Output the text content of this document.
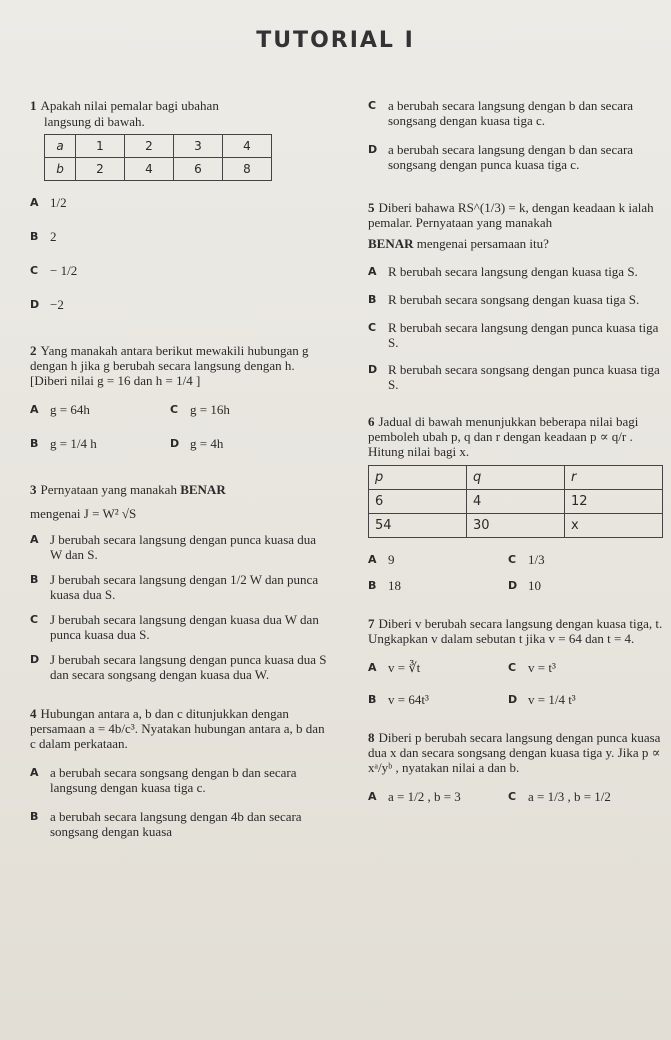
TUTORIAL I
1 Apakah nilai pemalar bagi ubahan
langsung di bawah.
a	1	2	3	4
b	2	4	6	8
A 1/2
B 2
C − 1/2
D −2
2 Yang manakah antara berikut mewakili hubungan g dengan h jika g berubah secara langsung dengan h. [Diberi nilai g = 16 dan h = 1/4 ]
A g = 64h	C g = 16h
B g = 1/4 h	D g = 4h
3 Pernyataan yang manakah BENAR
mengenai J = W² √S
A J berubah secara langsung dengan punca kuasa dua W dan S.
B J berubah secara langsung dengan 1/2 W dan punca kuasa dua S.
C J berubah secara langsung dengan kuasa dua W dan punca kuasa dua S.
D J berubah secara langsung dengan punca kuasa dua S dan secara songsang dengan kuasa dua W.
4 Hubungan antara a, b dan c ditunjukkan dengan persamaan a = 4b/c³. Nyatakan hubungan antara a, b dan c dalam perkataan.
A a berubah secara songsang dengan b dan secara langsung dengan kuasa tiga c.
B a berubah secara langsung dengan 4b dan secara songsang dengan kuasa
C a berubah secara langsung dengan b dan secara songsang dengan kuasa tiga c.
D a berubah secara langsung dengan b dan secara songsang dengan punca kuasa tiga c.
5 Diberi bahawa RS^(1/3) = k, dengan keadaan k ialah pemalar. Pernyataan yang manakah
BENAR mengenai persamaan itu?
A R berubah secara langsung dengan kuasa tiga S.
B R berubah secara songsang dengan kuasa tiga S.
C R berubah secara langsung dengan punca kuasa tiga S.
D R berubah secara songsang dengan punca kuasa tiga S.
6 Jadual di bawah menunjukkan beberapa nilai bagi pemboleh ubah p, q dan r dengan keadaan p ∝ q/r . Hitung nilai bagi x.
p	q	r
6	4	12
54	30	x
A 9	C 1/3
B 18	D 10
7 Diberi v berubah secara langsung dengan kuasa tiga, t. Ungkapkan v dalam sebutan t jika v = 64 dan t = 4.
A v = ∛t	C v = t³
B v = 64t³	D v = 1/4 t³
8 Diberi p berubah secara langsung dengan punca kuasa dua x dan secara songsang dengan kuasa tiga y. Jika p ∝ xᵃ/yᵇ , nyatakan nilai a dan b.
A a = 1/2 , b = 3	C a = 1/3 , b = 1/2
